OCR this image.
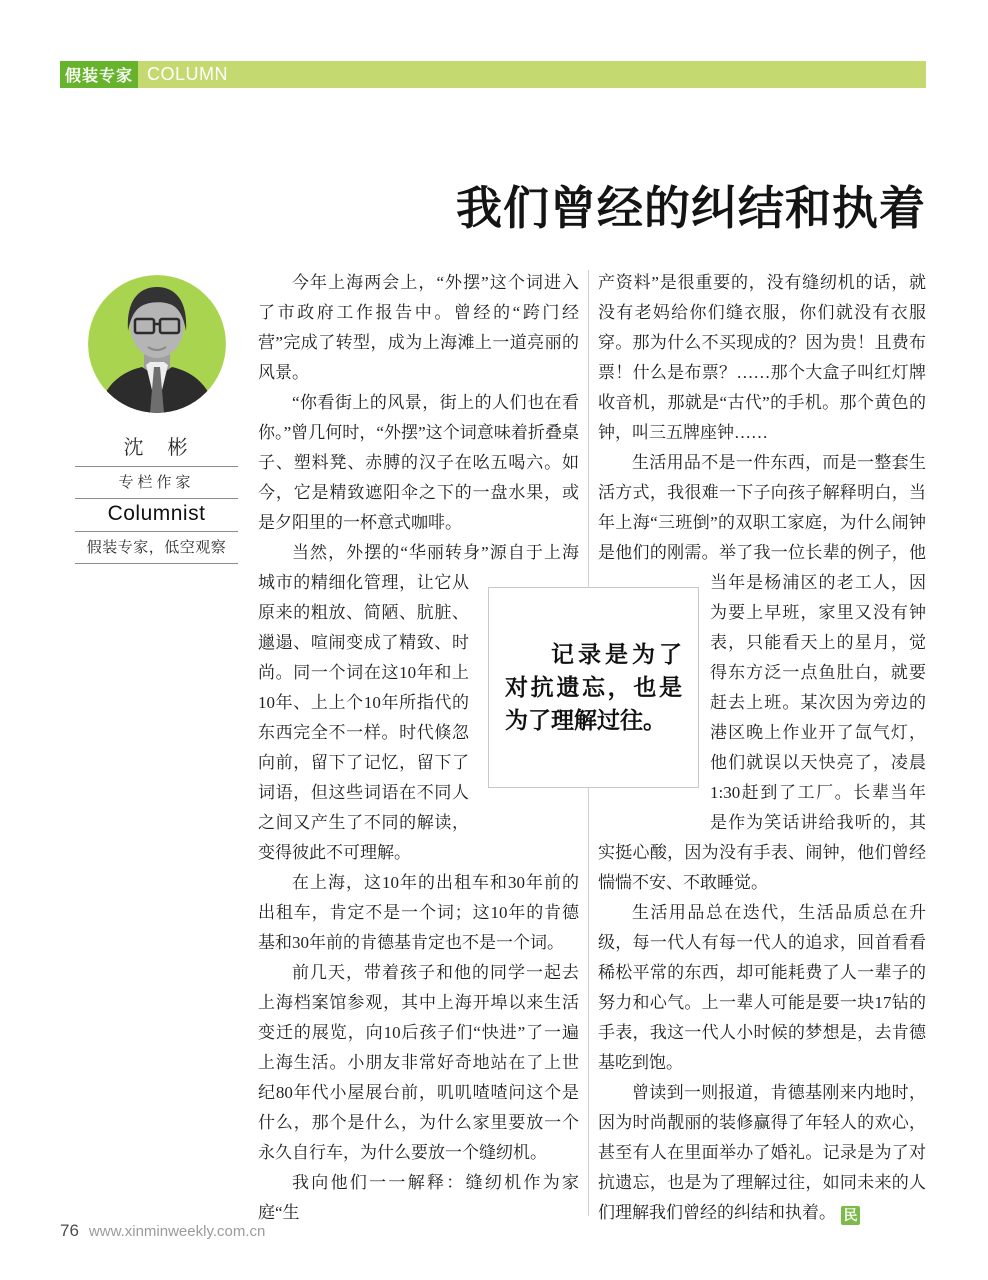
假装专家 COLUMN
我们曾经的纠结和执着
沈　彬
专栏作家
Columnist
假装专家，低空观察

今年上海两会上，“外摆”这个词进入了市政府工作报告中。曾经的“跨门经营”完成了转型，成为上海滩上一道亮丽的风景。

“你看街上的风景，街上的人们也在看你。”曾几何时，“外摆”这个词意味着折叠桌子、塑料凳、赤膊的汉子在吆五喝六。如今，它是精致遮阳伞之下的一盘水果，或是夕阳里的一杯意式咖啡。

当然，外摆的“华丽转身”源自于上海
城市的精细化管理，让它从原来的粗放、简陋、肮脏、邋遢、喧闹变成了精致、时尚。同一个词在这10年和上10年、上上个10年所指代的东西完全不一样。时代倏忽向前，留下了记忆，留下了词语，但这些词语在不同人之间又产生了不同的解读，变得彼此不可理解。

在上海，这10年的出租车和30年前的出租车，肯定不是一个词；这10年的肯德基和30年前的肯德基肯定也不是一个词。

前几天，带着孩子和他的同学一起去上海档案馆参观，其中上海开埠以来生活变迁的展览，向10后孩子们“快进”了一遍上海生活。小朋友非常好奇地站在了上世纪80年代小屋展台前，叽叽喳喳问这个是什么，那个是什么，为什么家里要放一个永久自行车，为什么要放一个缝纫机。

我向他们一一解释：缝纫机作为家庭“生

记录是为了对抗遗忘，也是为了理解过往。

产资料”是很重要的，没有缝纫机的话，就没有老妈给你们缝衣服，你们就没有衣服穿。那为什么不买现成的？因为贵！且费布票！什么是布票？……那个大盒子叫红灯牌收音机，那就是“古代”的手机。那个黄色的钟，叫三五牌座钟……

生活用品不是一件东西，而是一整套生活方式，我很难一下子向孩子解释明白，当年上海“三班倒”的双职工家庭，为什么闹钟是他们的刚需。举了我一位长辈的例子，
他当年是杨浦区的老工人，因为要上早班，家里又没有钟表，只能看天上的星月，觉得东方泛一点鱼肚白，就要赶去上班。某次因为旁边的港区晚上作业开了氙气灯，他们就误以天快亮了，凌晨1:30赶到了工厂。长辈当年是作为笑话讲给我听的，其实挺心酸，因为没有手表、闹钟，他们曾经惴惴不安、不敢睡觉。

生活用品总在迭代，生活品质总在升级，每一代人有每一代人的追求，回首看看稀松平常的东西，却可能耗费了人一辈子的努力和心气。上一辈人可能是要一块17钻的手表，我这一代人小时候的梦想是，去肯德基吃到饱。

曾读到一则报道，肯德基刚来内地时，因为时尚靓丽的装修赢得了年轻人的欢心，甚至有人在里面举办了婚礼。记录是为了对抗遗忘，也是为了理解过往，如同未来的人们理解我们曾经的纠结和执着。 民

76 www.xinminweekly.com.cn
